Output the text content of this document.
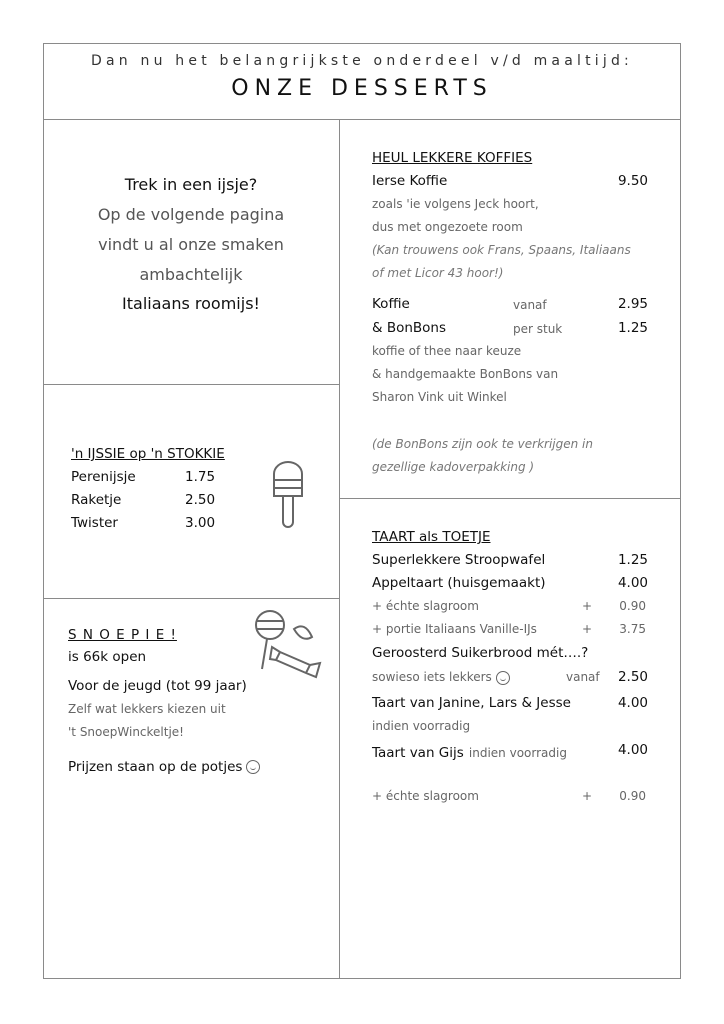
Dan nu het belangrijkste onderdeel v/d maaltijd:
ONZE DESSERTS
Trek in een ijsje?
Op de volgende pagina
vindt u al onze smaken
ambachtelijk
Italiaans roomijs!
'n IJSSIE op 'n STOKKIE
Perenijsje	1.75
Raketje	2.50
Twister	3.00
S N O E P I E !
is 66k open
Voor de jeugd (tot 99 jaar)
Zelf wat lekkers kiezen uit
't SnoepWinckeltje!
Prijzen staan op de potjes
HEUL LEKKERE KOFFIES
Ierse Koffie	9.50
zoals 'ie volgens Jeck hoort,
dus met ongezoete room
(Kan trouwens ook Frans, Spaans, Italiaans
of met Licor 43 hoor!)
Koffie	vanaf	2.95
& BonBons	per stuk	1.25
koffie of thee naar keuze
& handgemaakte BonBons van
Sharon Vink uit Winkel
(de BonBons zijn ook te verkrijgen in
gezellige kadoverpakking )
TAART als TOETJE
Superlekkere Stroopwafel	1.25
Appeltaart (huisgemaakt)	4.00
+ échte slagroom	+	0.90
+ portie Italiaans Vanille-IJs	+	3.75
Geroosterd Suikerbrood mét….?
sowieso iets lekkers	vanaf	2.50
Taart van Janine, Lars & Jesse	4.00
indien voorradig
Taart van Gijs indien voorradig	4.00
+ échte slagroom	+	0.90
